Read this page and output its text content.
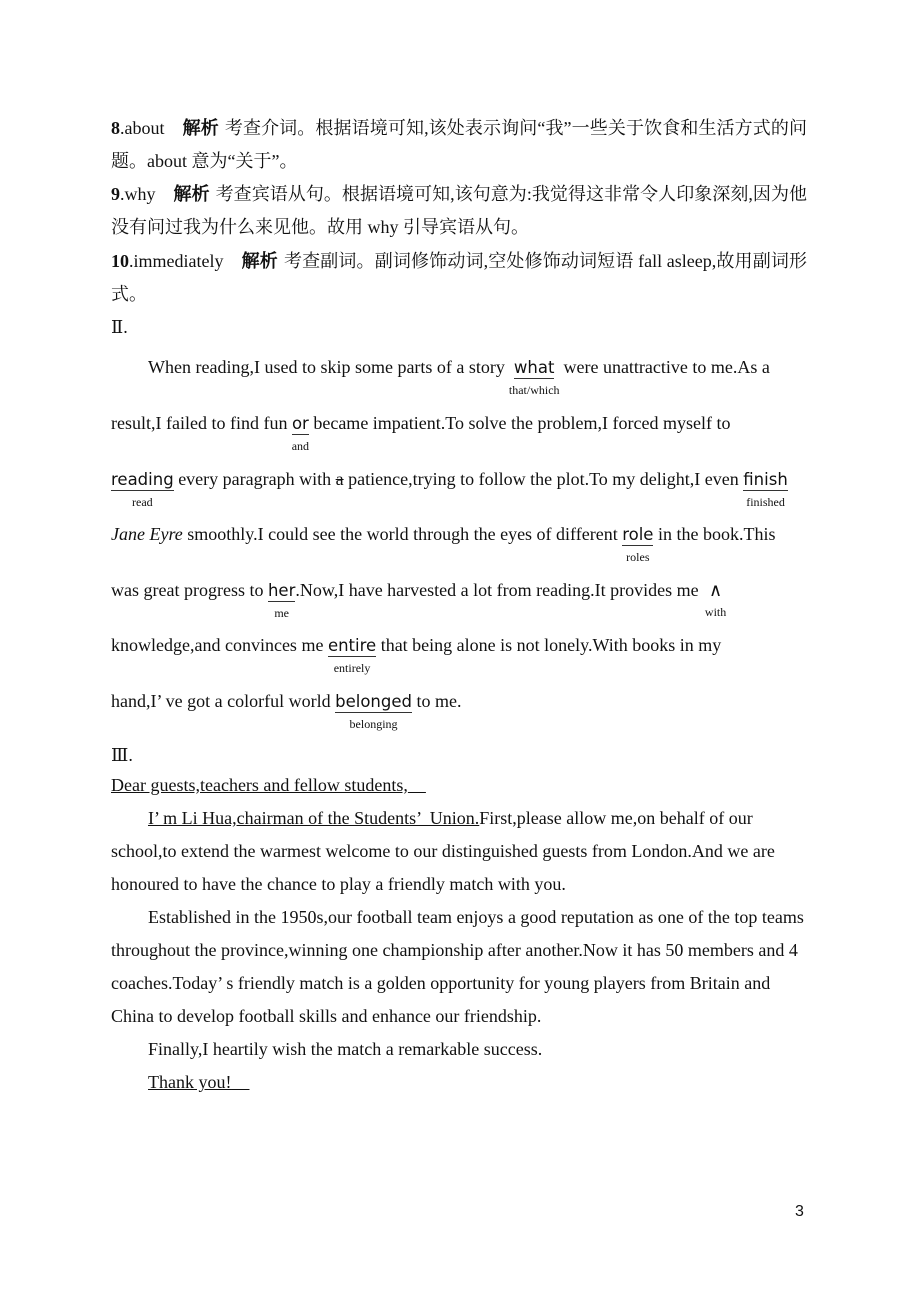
8.about 解析 考查介词。根据语境可知,该处表示询问“我”一些关于饮食和生活方式的问题。about 意为“关于”。
9.why 解析 考查宾语从句。根据语境可知,该句意为:我觉得这非常令人印象深刻,因为他没有问过我为什么来见他。故用 why 引导宾语从句。
10.immediately 解析 考查副词。副词修饰动词,空处修饰动词短语 fall asleep,故用副词形式。
Ⅱ.
When reading,I used to skip some parts of a story  what
that/which
were unattractive to me.As a
result,I failed to find fun or
and
became impatient.To solve the problem,I forced myself to
reading
read
every paragraph with a patience,trying to follow the plot.To my delight,I even finish
finished
Jane Eyre smoothly.I could see the world through the eyes of different role
roles
in the book.This
was great progress to her
me
.Now,I have harvested a lot from reading.It provides me  ∧
with
knowledge,and convinces me entire
entirely
that being alone is not lonely.With books in my
hand,I’ ve got a colorful world belonged
belonging
to me.
Ⅲ.
Dear guests,teachers and fellow students,
I’ m Li Hua,chairman of the Students’  Union.First,please allow me,on behalf of our school,to extend the warmest welcome to our distinguished guests from London.And we are honoured to have the chance to play a friendly match with you.
Established in the 1950s,our football team enjoys a good reputation as one of the top teams throughout the province,winning one championship after another.Now it has 50 members and 4 coaches.Today’ s friendly match is a golden opportunity for young players from Britain and China to develop football skills and enhance our friendship.
Finally,I heartily wish the match a remarkable success.
Thank you!
3
